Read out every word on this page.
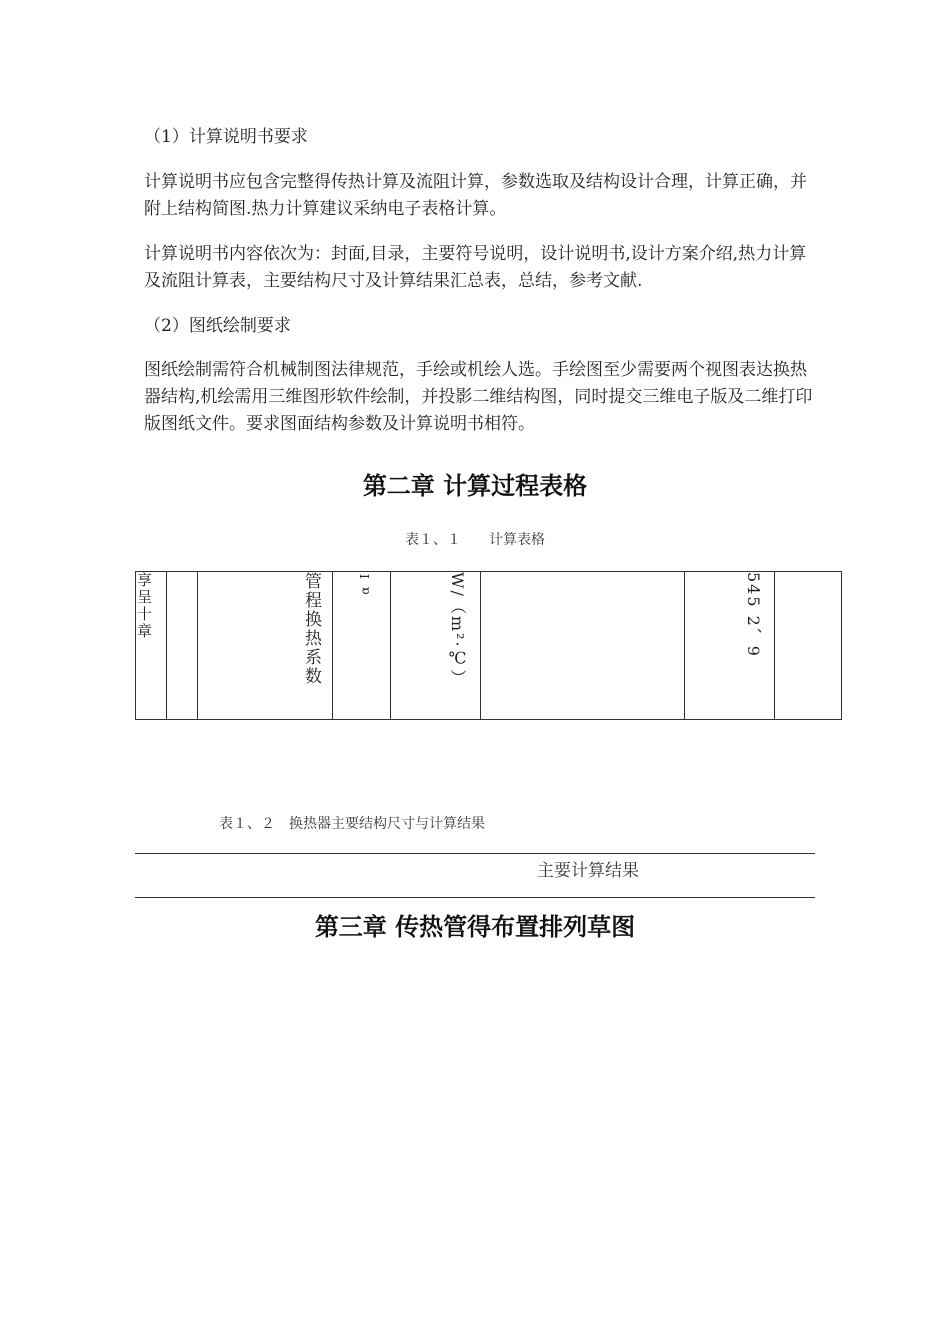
（1）计算说明书要求

计算说明书应包含完整得传热计算及流阻计算，参数选取及结构设计合理，计算正确，并附上结构简图.热力计算建议采纳电子表格计算。

计算说明书内容依次为：封面,目录，主要符号说明，设计说明书,设计方案介绍,热力计算及流阻计算表，主要结构尺寸及计算结果汇总表，总结，参考文献.

（2）图纸绘制要求

图纸绘制需符合机械制图法律规范，手绘或机绘人选。手绘图至少需要两个视图表达换热器结构,机绘需用三维图形软件绘制，并投影二维结构图，同时提交三维电子版及二维打印版图纸文件。要求图面结构参数及计算说明书相符。

第二章 计算过程表格
表１、１　　计算表格
享呈十章		管程换热系数	α I	W/（m²·℃）		545 2、9	
表１、２　换热器主要结构尺寸与计算结果
主要计算结果
第三章 传热管得布置排列草图
